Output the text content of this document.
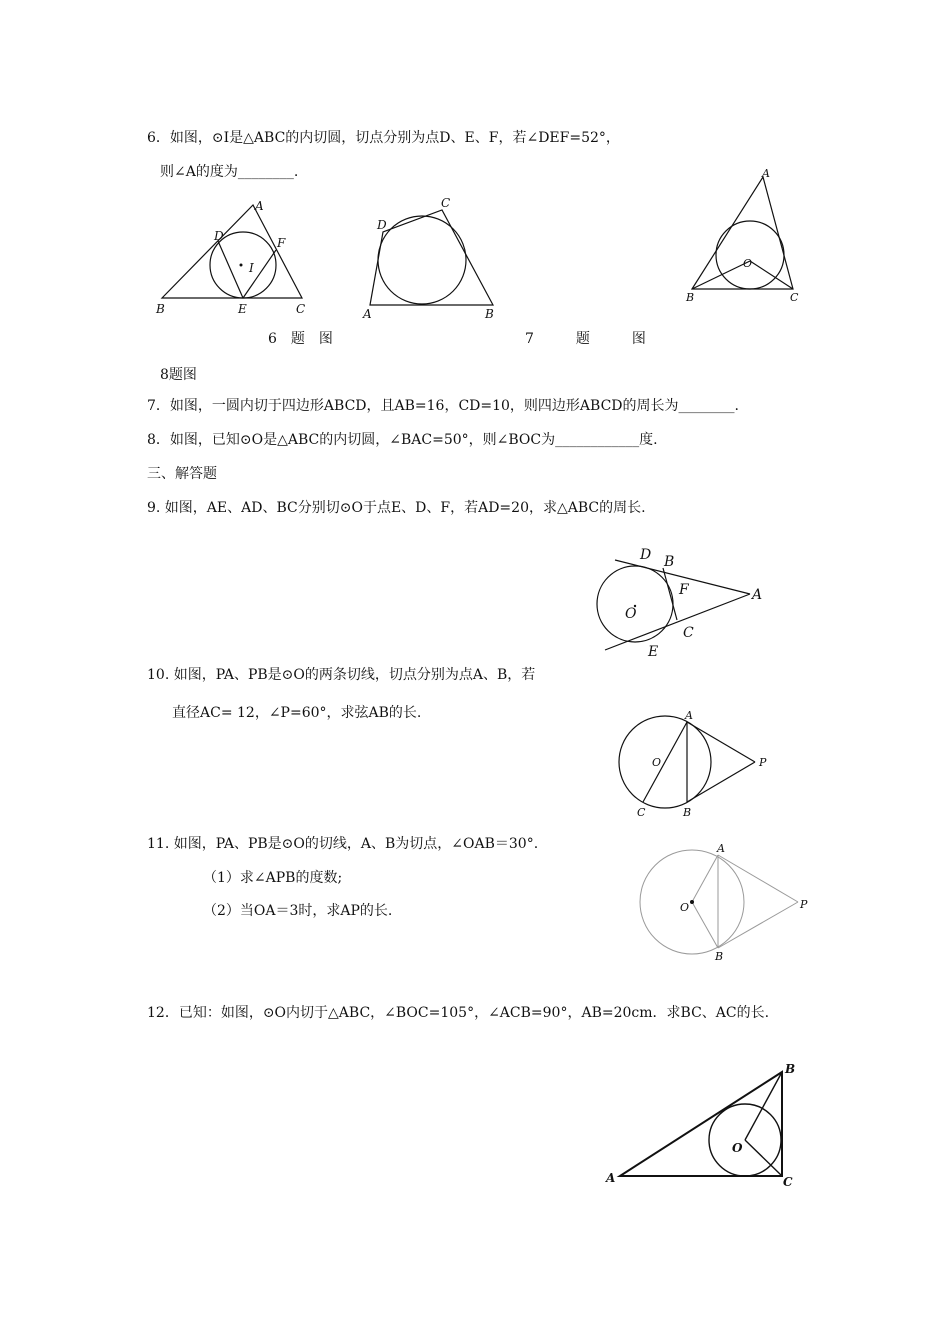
6．如图，⊙I是△ABC的内切圆，切点分别为点D、E、F，若∠DEF=52°，
则∠A的度为________.
A
B	C
D
E
F
I
A	B
C
D
A
B	C
O
6　题　图	7　　　题　　　图
8题图
7．如图，一圆内切于四边形ABCD，且AB=16，CD=10，则四边形ABCD的周长为________.
8．如图，已知⊙O是△ABC的内切圆，∠BAC=50°，则∠BOC为____________度.
三、解答题
9. 如图，AE、AD、BC分别切⊙O于点E、D、F，若AD=20，求△ABC的周长.
D B
F	A
O
C
E
10. 如图，PA、PB是⊙O的两条切线，切点分别为点A、B，若
直径AC= 12，∠P=60°，求弦AB的长.	A
B
C
O	P
11. 如图，PA、PB是⊙O的切线，A、B为切点，∠OAB＝30°.
（1）求∠APB的度数;
（2）当OA＝3时，求AP的长.
A
B
O	P
12．已知：如图，⊙O内切于△ABC，∠BOC=105°，∠ACB=90°，AB=20cm．求BC、AC的长.
A
B
C
O
